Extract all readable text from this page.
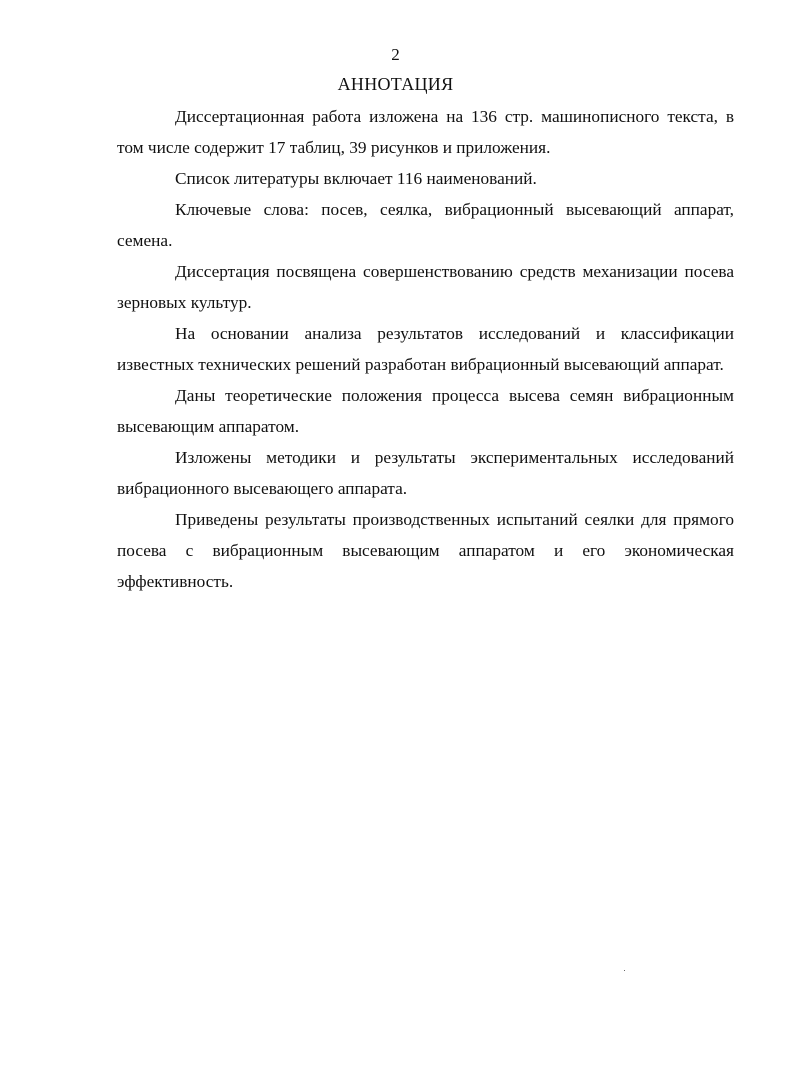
2
АННОТАЦИЯ

Диссертационная работа изложена на 136 стр. машинописного текста, в том числе содержит 17 таблиц, 39 рисунков и приложения.

Список литературы включает 116 наименований.

Ключевые слова: посев, сеялка, вибрационный высевающий аппарат, семена.

Диссертация посвящена совершенствованию средств механизации посева зерновых культур.

На основании анализа результатов исследований и классификации известных технических решений разработан вибрационный высевающий аппарат.

Даны теоретические положения процесса высева семян вибрационным высевающим аппаратом.

Изложены методики и результаты экспериментальных исследований вибрационного высевающего аппарата.

Приведены результаты производственных испытаний сеялки для прямого посева с вибрационным высевающим аппаратом и его экономическая эффективность.
